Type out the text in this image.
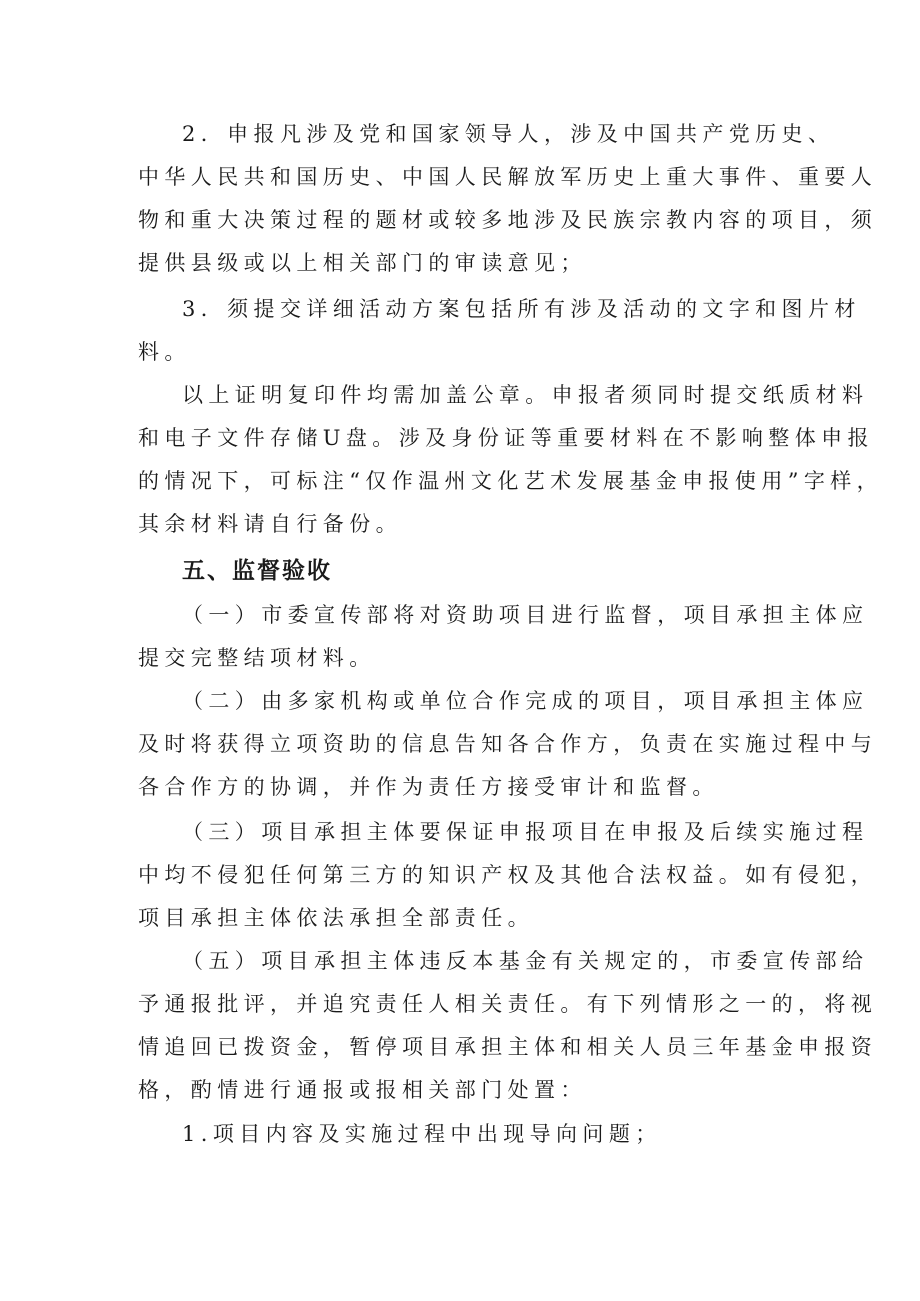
2．申报凡涉及党和国家领导人，涉及中国共产党历史、
中华人民共和国历史、中国人民解放军历史上重大事件、重要人
物和重大决策过程的题材或较多地涉及民族宗教内容的项目，须
提供县级或以上相关部门的审读意见；
3．须提交详细活动方案包括所有涉及活动的文字和图片材
料。
以上证明复印件均需加盖公章。申报者须同时提交纸质材料
和电子文件存储U盘。涉及身份证等重要材料在不影响整体申报
的情况下，可标注“仅作温州文化艺术发展基金申报使用”字样，
其余材料请自行备份。
五、监督验收
（一）市委宣传部将对资助项目进行监督，项目承担主体应
提交完整结项材料。
（二）由多家机构或单位合作完成的项目，项目承担主体应
及时将获得立项资助的信息告知各合作方，负责在实施过程中与
各合作方的协调，并作为责任方接受审计和监督。
（三）项目承担主体要保证申报项目在申报及后续实施过程
中均不侵犯任何第三方的知识产权及其他合法权益。如有侵犯，
项目承担主体依法承担全部责任。
（五）项目承担主体违反本基金有关规定的，市委宣传部给
予通报批评，并追究责任人相关责任。有下列情形之一的，将视
情追回已拨资金，暂停项目承担主体和相关人员三年基金申报资
格，酌情进行通报或报相关部门处置：
1.项目内容及实施过程中出现导向问题；
